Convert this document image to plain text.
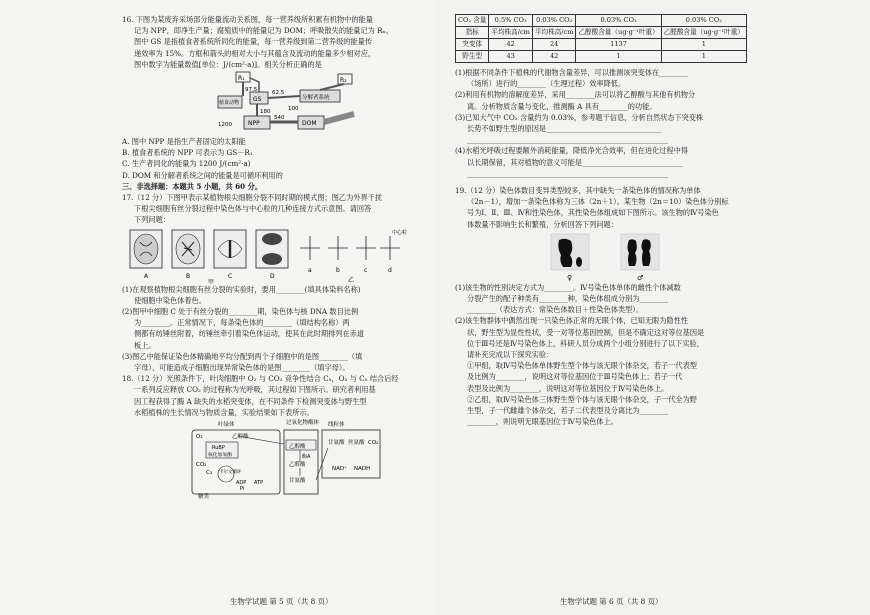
16. 下图为某废弃采场部分能量流动关系图，每一营养级所积累有机物中的能量

记为 NPP，即净生产量；腐殖质中的能量记为 DOM；呼吸散失的能量记为 Rₙ。

图中 GS 是指植食者系统所同化的能量，每一营养级到第二营养级的能量传

递效率为 15%。方框和箭头的相对大小与其蕴含及流动的能量多少相对应，

图中数字为能量数值[单位：J/(cm²·a)]。相关分析正确的是

R₁	R₂
植食动物 GS	分解者系统
NPP	DOM
97.5	62.5
180
540
1200
100

A. 图中 NPP 是指生产者固定的太阳能

B. 植食者系统的 NPP 可表示为 GS－R₁

C. 生产者同化的能量为 1200 J/(cm²·a)

D. DOM 和分解者系统之间的能量是可循环利用的

三、非选择题：本题共 5 小题，共 60 分。

17.（12 分）下图甲表示某植物根尖细胞分裂不同时期的模式图；图乙为外界干扰

下根尖细胞有丝分裂过程中染色体与中心粒的几种连接方式示意图。请回答

下列问题：

A	B	C	D
甲
中心粒
a	b	c	d
乙

(1)在观察植物根尖细胞有丝分裂的实验时，要用________(填具体染料名称)

使细胞中染色体着色。

(2)图甲中细胞 C 处于有丝分裂的________期，染色体与核 DNA 数目比例

为________。正常情况下，每条染色体的________（填结构名称）两

侧都有纺锤丝附着，纺锤丝牵引着染色体运动，使其在此时期排列在赤道

板上。

(3)图乙中能保证染色体精确地平均分配到两个子细胞中的是图________（填

字母），可能造成子细胞出现异常染色体的是图________（填字母）。

18.（12 分）光照条件下，叶肉细胞中 O₂ 与 CO₂ 竞争性结合 C₅，O₂ 与 C₅ 结合后经

一系列反应释放 CO₂ 的过程称为光呼吸，其过程如下图所示。研究者利用基

因工程获得了酶 A 缺失的水稻突变体，在不同条件下检测突变体与野生型

水稻植株的生长情况与物质含量，实验结果如下表所示。

叶绿体	过氧化物酶体 线粒体
O₂	乙醇酸
RuBP
核化加氧酶
CO₂
C₃ 卡尔文循环
ADP ATP
Pi
糖类
乙醇酸
酶A
乙醛酸
甘氨酸
甘氨酸 丝氨酸 CO₂
NAD⁺ NADH
生物学试题 第 5 页（共 8 页）
CO₂ 含量	0.5% CO₂	0.03% CO₂	0.03% CO₂	0.03% CO₂
指标	平均株高/cm	平均株高/cm	乙醇酸含量（ug·g⁻¹叶重）	乙醛酸含量（ug·g⁻¹叶重）
突变体	42	24	1137	1
野生型	43	42	1	1

(1)根据不同条件下植株的代谢物含量差异，可以推测该突变体在________

（场所）进行的________（生理过程）效率降低。

(2)利用有机物的溶解度差异，采用________法可以将乙醇酸与其他有机物分

离。分析物质含量与变化，推测酶 A 具有________的功能。

(3)已知大气中 CO₂ 含量约为 0.03%，参考题干信息，分析自然状态下突变株

长势不如野生型的原因是________________________________

________________________________________________________

(4)水稻光呼吸过程要额外消耗能量，降低净光合效率，但在进化过程中得

以长期保留，其对植物的意义可能是____________________________

________________________________________________________

19.（12 分）染色体数目变异类型较多，其中缺失一条染色体的情况称为单体

（2n－1），增加一条染色体称为三体（2n＋1）。某生物（2n＝10）染色体分别标

号为Ⅰ、Ⅱ、Ⅲ、Ⅳ和性染色体，其性染色体组成如下图所示。该生物的Ⅳ号染色

体数量不影响生长和繁殖，分析回答下列问题：

♀	♂

(1)该生物的性别决定方式为________。Ⅳ号染色体单体的雌性个体减数

分裂产生的配子种类有________种，染色体组成分别为________

________（表达方式：常染色体数目＋性染色体类型）。

(2)该生物群体中偶然出现一只染色体正常的无眼个体，已知无眼为隐性性

状，野生型为显性性状，受一对等位基因控制，但是不确定这对等位基因是

位于Ⅲ号还是Ⅳ号染色体上，科研人员分成两个小组分别进行了以下实验，

请补充完成以下探究实验：

①甲组，取Ⅳ号染色体单体野生型个体与该无眼个体杂交，若子一代表型

及比例为________，说明这对等位基因位于Ⅲ号染色体上；若子一代

表型及比例为________，说明这对等位基因位于Ⅳ号染色体上。

②乙组，取Ⅳ号染色体三体野生型个体与该无眼个体杂交，子一代全为野

生型，子一代雌雄个体杂交，若子二代表型及分离比为________

________，则说明无眼基因位于Ⅳ号染色体上。

生物学试题 第 6 页（共 8 页）
